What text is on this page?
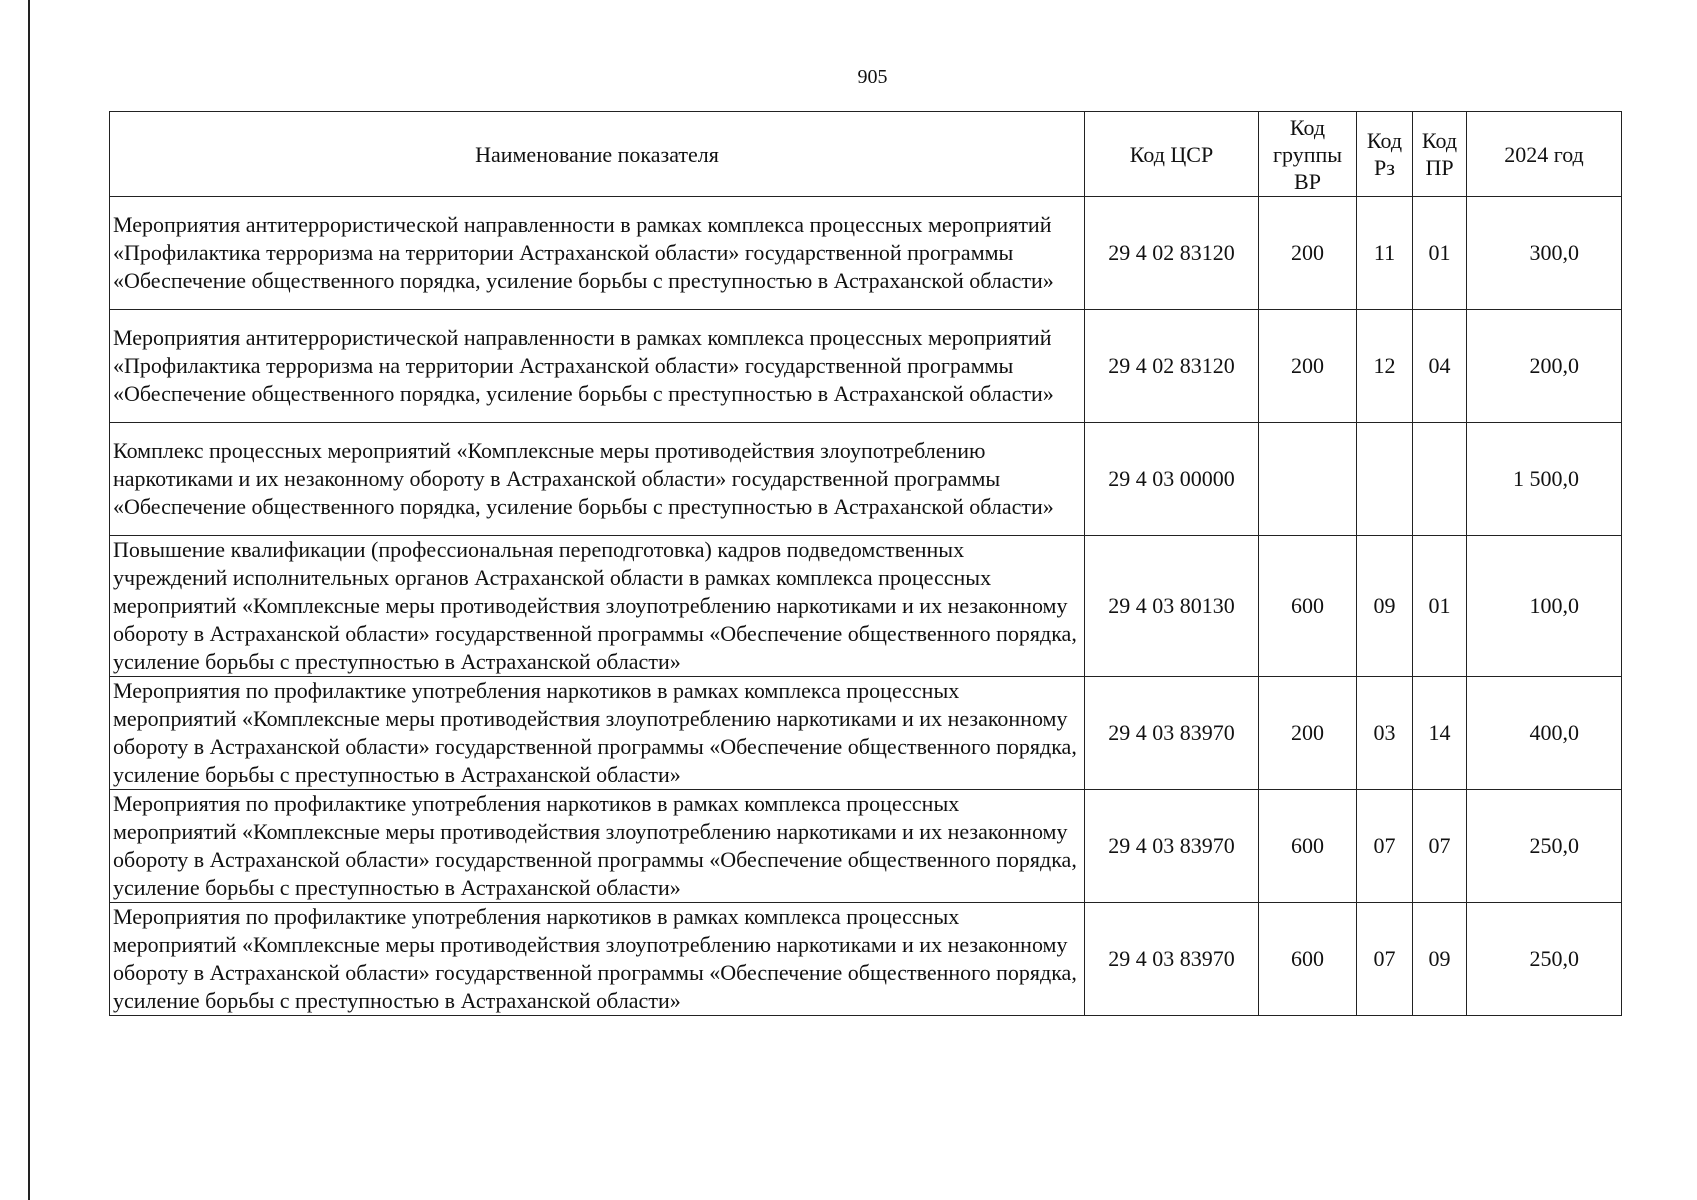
905
Наименование показателя	Код ЦСР	Код группы ВР	Код Рз	Код ПР	2024 год
Мероприятия антитеррористической направленности в рамках комплекса процессных мероприятий «Профилактика терроризма на территории Астраханской области» государственной программы «Обеспечение общественного порядка, усиление борьбы с преступностью в Астраханской области»	29 4 02 83120	200	11	01	300,0
Мероприятия антитеррористической направленности в рамках комплекса процессных мероприятий «Профилактика терроризма на территории Астраханской области» государственной программы «Обеспечение общественного порядка, усиление борьбы с преступностью в Астраханской области»	29 4 02 83120	200	12	04	200,0
Комплекс процессных мероприятий «Комплексные меры противодействия злоупотреблению наркотиками и их незаконному обороту в Астраханской области» государственной программы «Обеспечение общественного порядка, усиление борьбы с преступностью в Астраханской области»	29 4 03 00000				1 500,0
Повышение квалификации (профессиональная переподготовка) кадров подведомственных учреждений исполнительных органов Астраханской области в рамках комплекса процессных мероприятий «Комплексные меры противодействия злоупотреблению наркотиками и их незаконному обороту в Астраханской области» государственной программы «Обеспечение общественного порядка, усиление борьбы с преступностью в Астраханской области»	29 4 03 80130	600	09	01	100,0
Мероприятия по профилактике употребления наркотиков в рамках комплекса процессных мероприятий «Комплексные меры противодействия злоупотреблению наркотиками и их незаконному обороту в Астраханской области» государственной программы «Обеспечение общественного порядка, усиление борьбы с преступностью в Астраханской области»	29 4 03 83970	200	03	14	400,0
Мероприятия по профилактике употребления наркотиков в рамках комплекса процессных мероприятий «Комплексные меры противодействия злоупотреблению наркотиками и их незаконному обороту в Астраханской области» государственной программы «Обеспечение общественного порядка, усиление борьбы с преступностью в Астраханской области»	29 4 03 83970	600	07	07	250,0
Мероприятия по профилактике употребления наркотиков в рамках комплекса процессных мероприятий «Комплексные меры противодействия злоупотреблению наркотиками и их незаконному обороту в Астраханской области» государственной программы «Обеспечение общественного порядка, усиление борьбы с преступностью в Астраханской области»	29 4 03 83970	600	07	09	250,0
